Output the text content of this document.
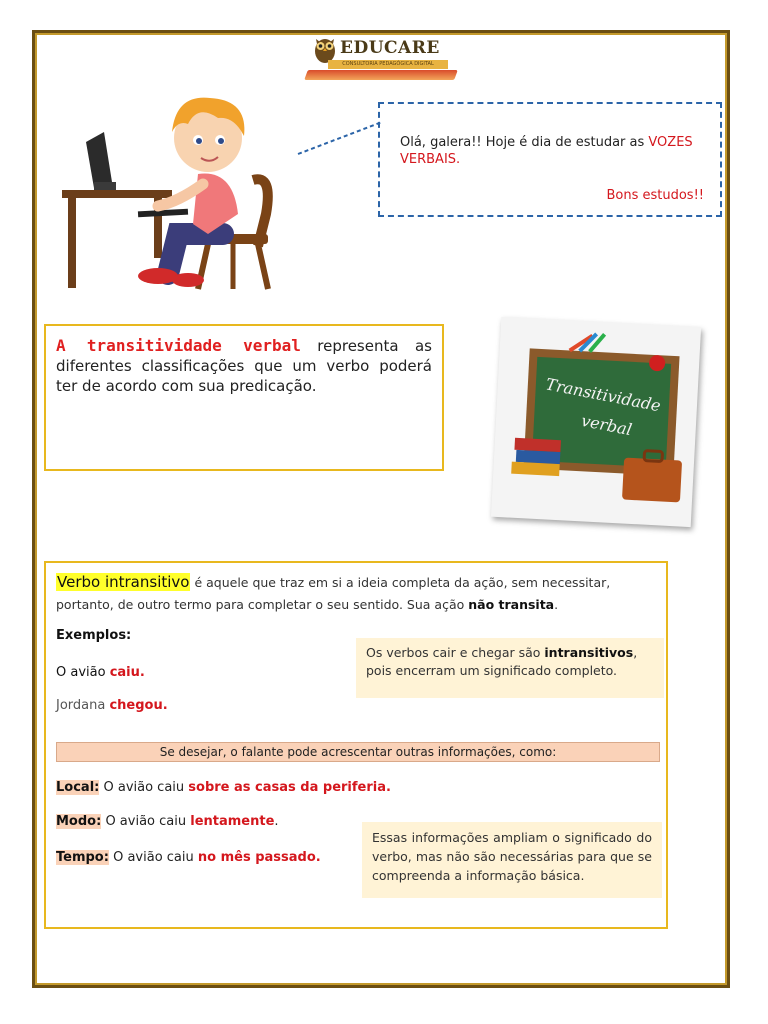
EDUCARE
CONSULTORIA PEDAGÓGICA DIGITAL
Olá, galera!! Hoje é dia de estudar as VOZES VERBAIS.
Bons estudos!!
A transitividade verbal representa as diferentes classificações que um verbo poderá ter de acordo com sua predicação.	Transitividade
verbal
Verbo intransitivo é aquele que traz em si a ideia completa da ação, sem necessitar, portanto, de outro termo para completar o seu sentido. Sua ação não transita.
Exemplos:
O avião caiu.
Jordana chegou.
Os verbos cair e chegar são intransitivos, pois encerram um significado completo.
Se desejar, o falante pode acrescentar outras informações, como:
Local: O avião caiu sobre as casas da periferia.
Modo: O avião caiu lentamente.
Tempo: O avião caiu no mês passado.
Essas informações ampliam o significado do verbo, mas não são necessárias para que se compreenda a informação básica.
